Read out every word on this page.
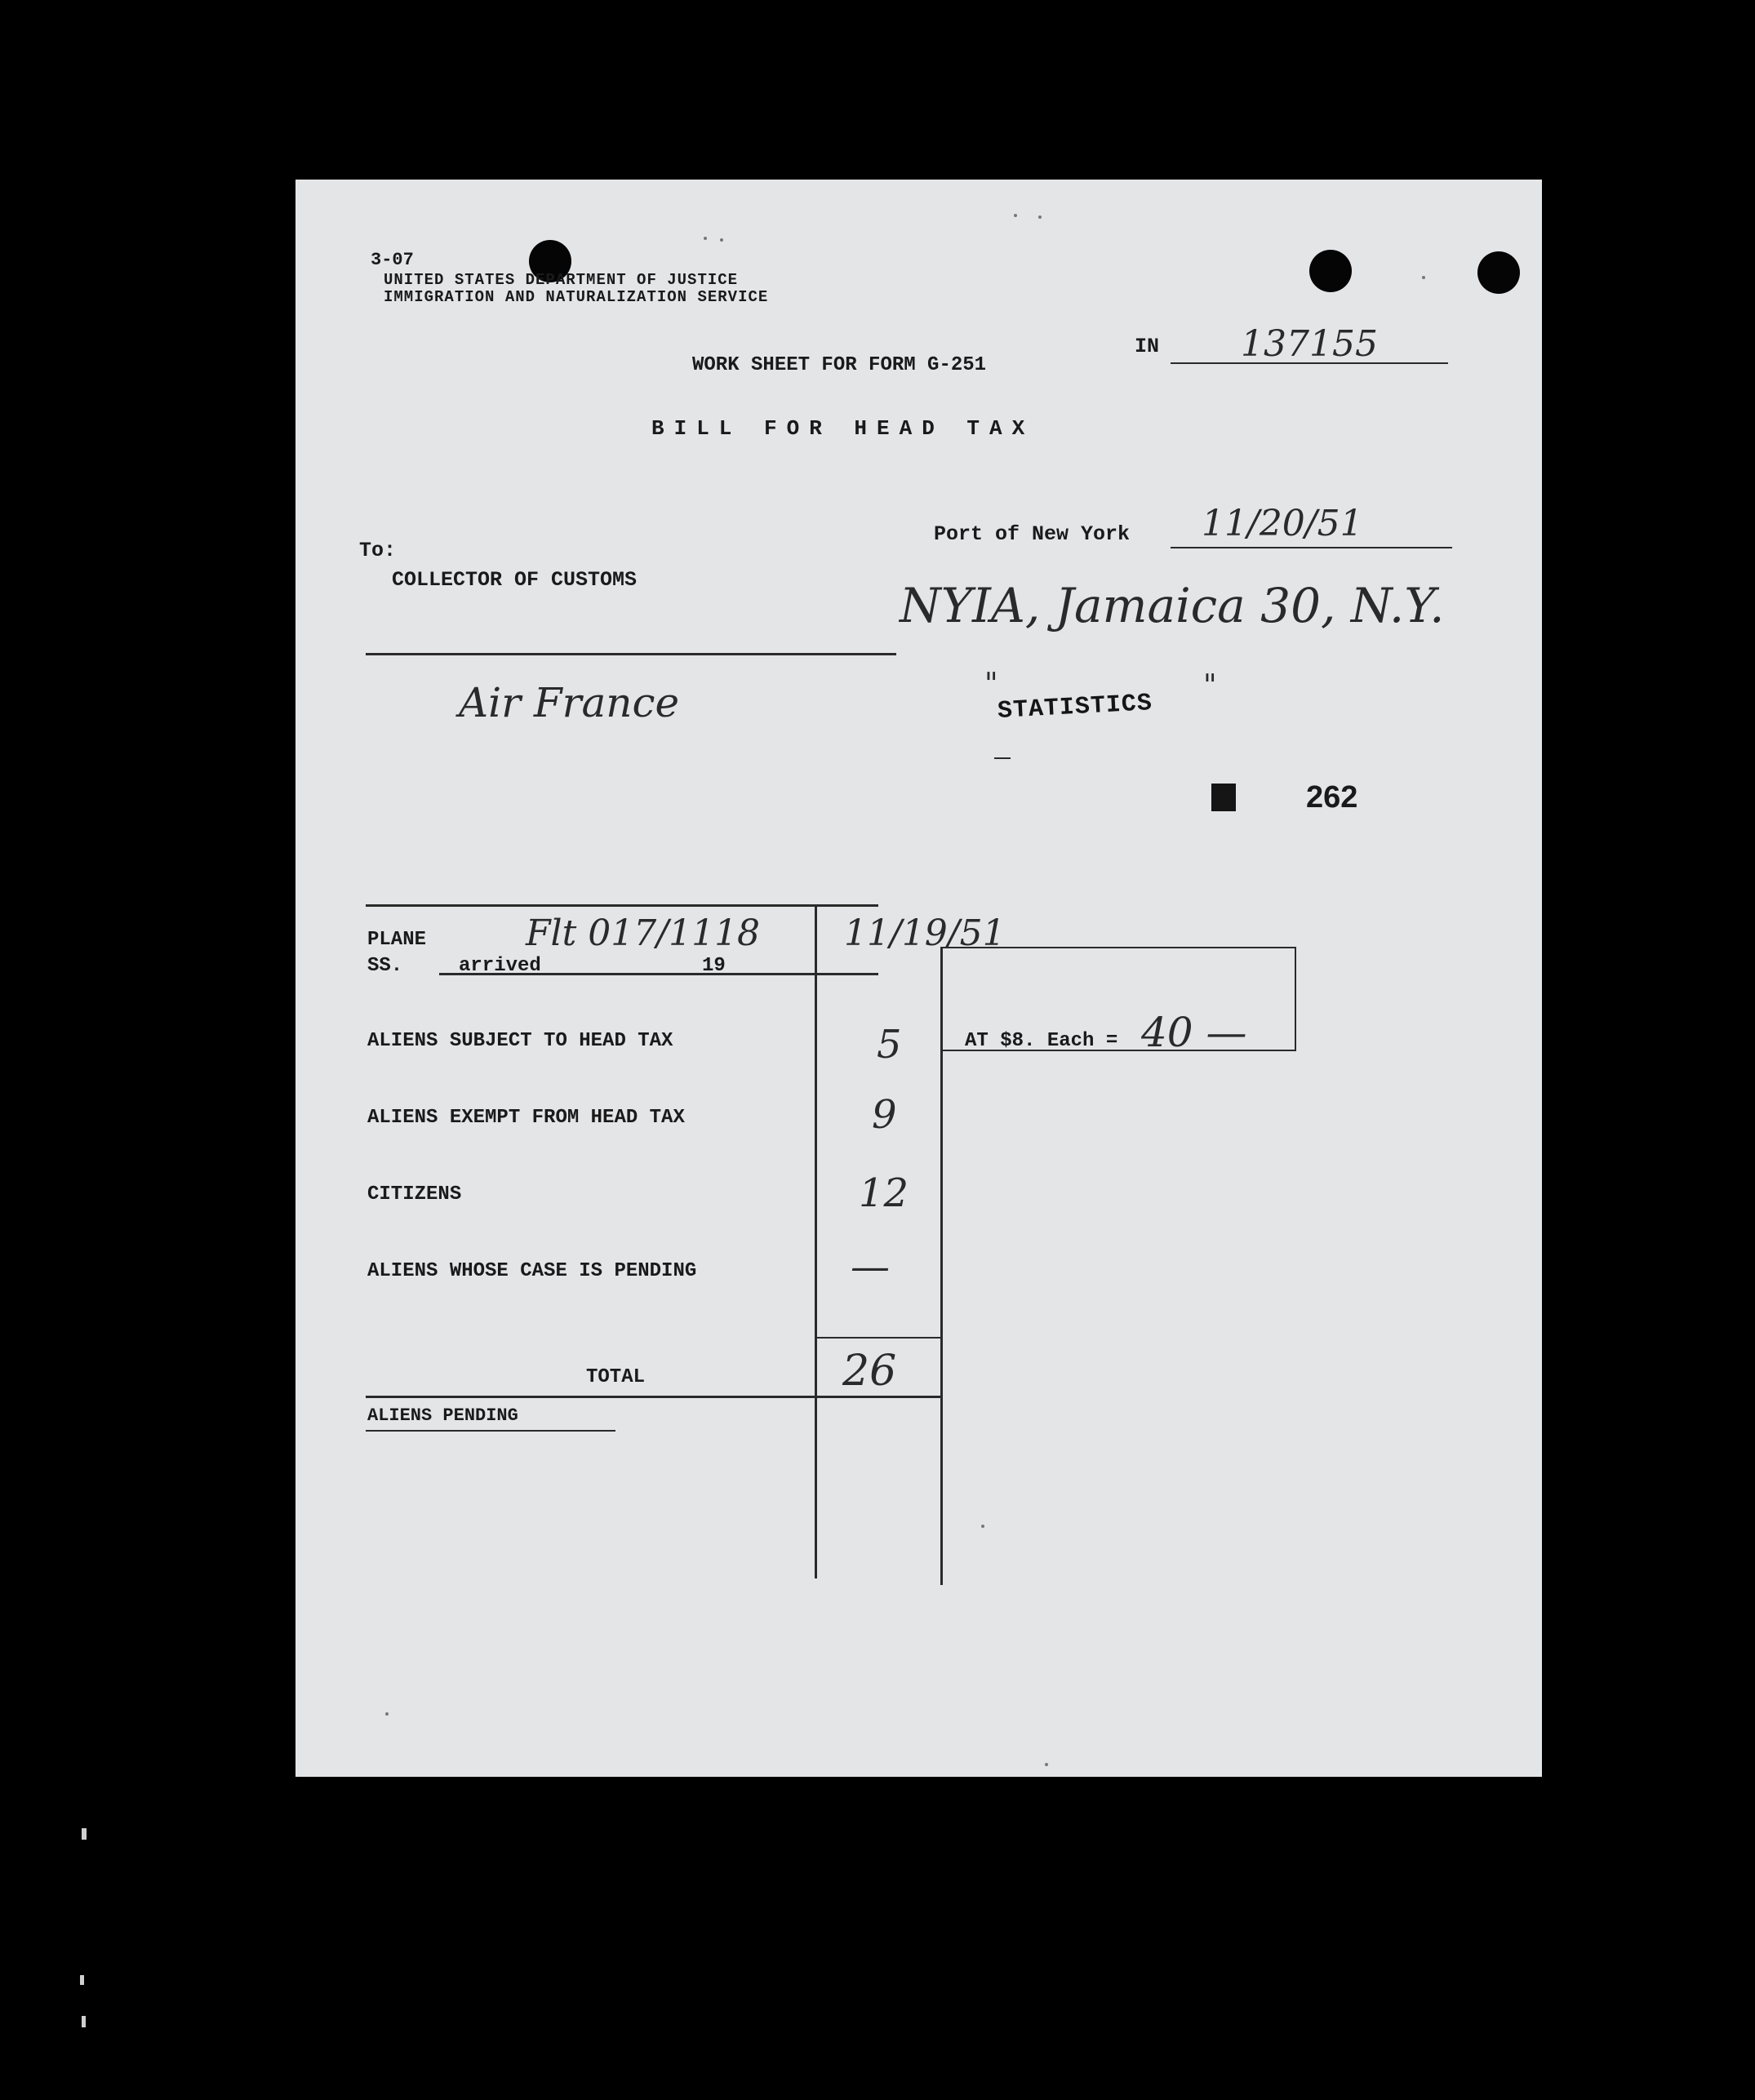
3-07
UNITED STATES DEPARTMENT OF JUSTICE
IMMIGRATION AND NATURALIZATION SERVICE
IN 137155
WORK SHEET FOR FORM G-251
BILL FOR HEAD TAX
Port of New York 11/20/51
To:
COLLECTOR OF CUSTOMS	NYIA, Jamaica 30, N.Y.
Air France	"
STATISTICS
"
262
PLANE
SS.	arrived	19
Flt 017/1118 11/19/51
ALIENS SUBJECT TO HEAD TAX	5	AT $8. Each = 40 —
ALIENS EXEMPT FROM HEAD TAX	9
CITIZENS	12
ALIENS WHOSE CASE IS PENDING	—
TOTAL	26
ALIENS PENDING
